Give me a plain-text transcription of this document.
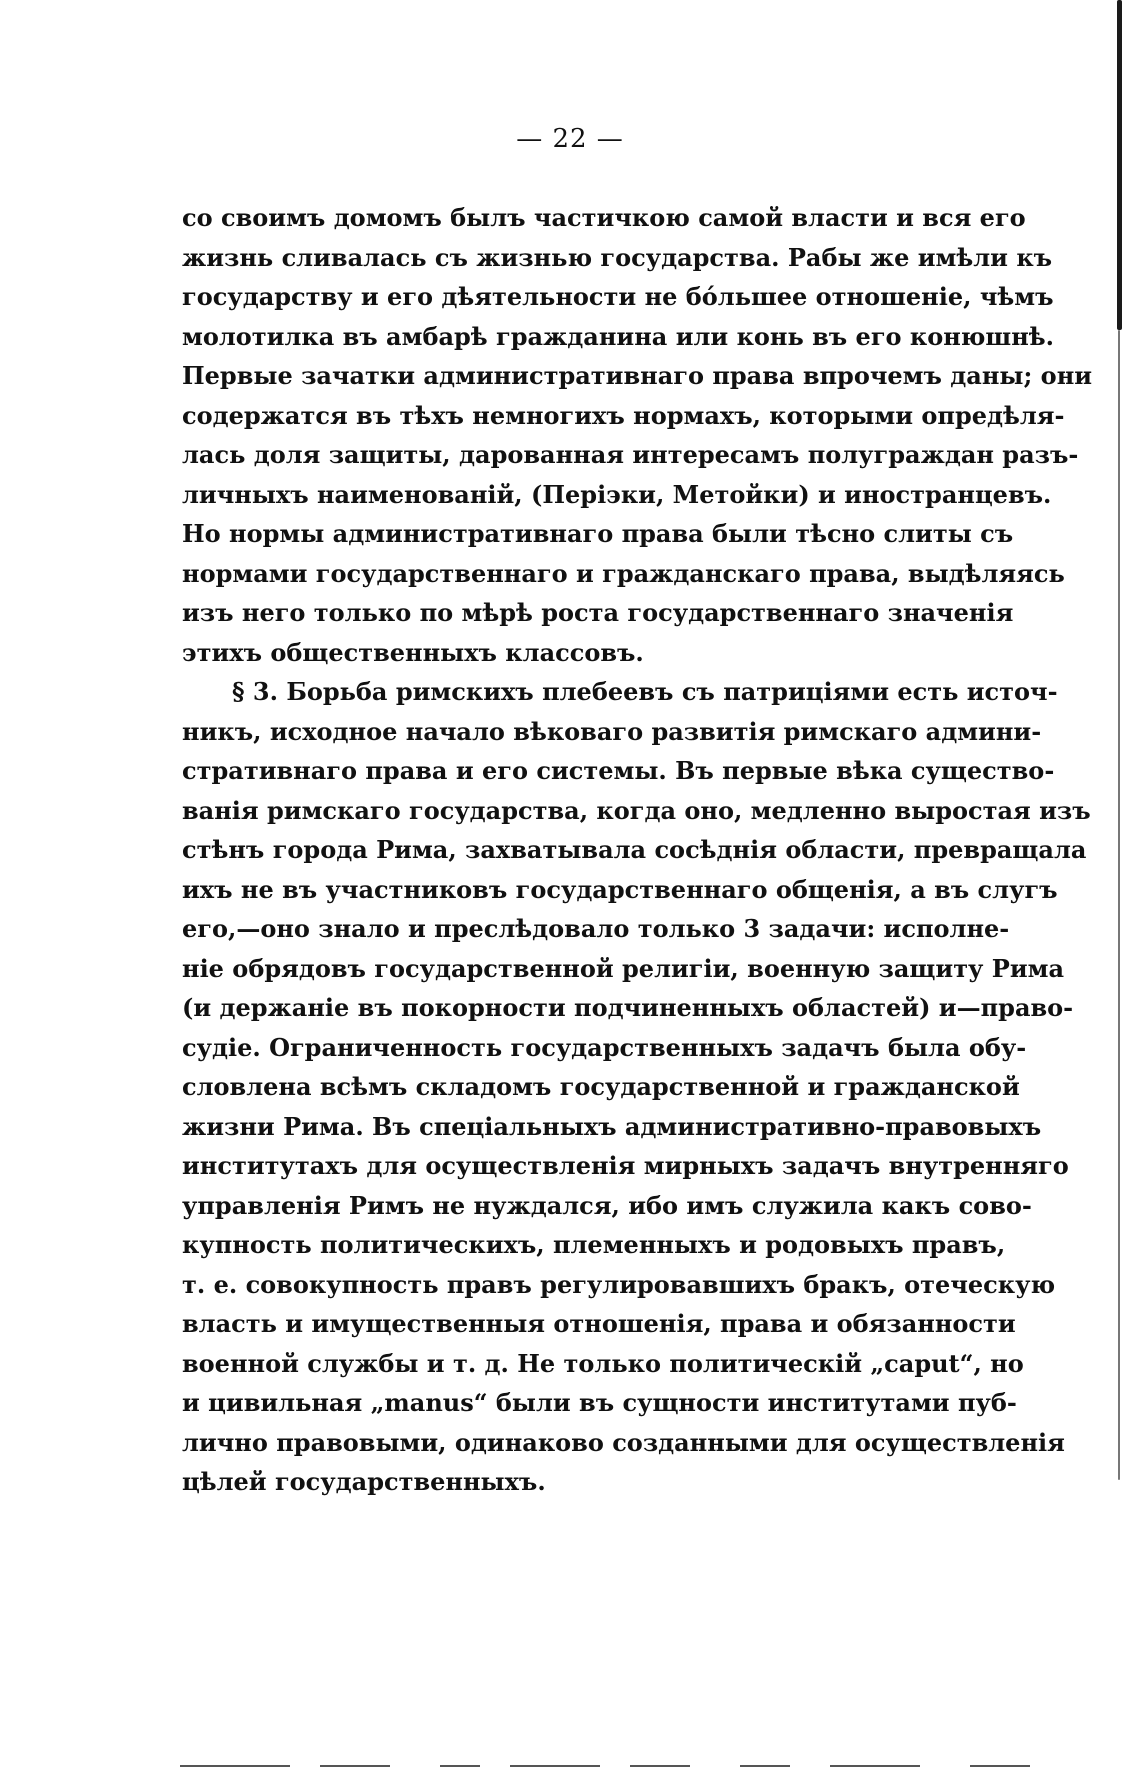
— 22 —
со своимъ домомъ былъ частичкою самой власти и вся его
жизнь сливалась съ жизнью государства. Рабы же имѣли къ
государству и его дѣятельности не бо́льшее отношеніе, чѣмъ
молотилка въ амбарѣ гражданина или конь въ его конюшнѣ.
Первые зачатки административнаго права впрочемъ даны; они
содержатся въ тѣхъ немногихъ нормахъ, которыми опредѣля-
лась доля защиты, дарованная интересамъ полуграждан разъ-
личныхъ наименованій, (Періэки, Метойки) и иностранцевъ.
Но нормы административнаго права были тѣсно слиты съ
нормами государственнаго и гражданскаго права, выдѣляясь
изъ него только по мѣрѣ роста государственнаго значенія
этихъ общественныхъ классовъ.
§ 3. Борьба римскихъ плебеевъ съ патриціями есть источ-
никъ, исходное начало вѣковаго развитія римскаго админи-
стративнаго права и его системы. Въ первые вѣка существо-
ванія римскаго государства, когда оно, медленно выростая изъ
стѣнъ города Рима, захватывала сосѣднія области, превращала
ихъ не въ участниковъ государственнаго общенія, а въ слугъ
его,—оно знало и преслѣдовало только 3 задачи: исполне-
ніе обрядовъ государственной религіи, военную защиту Рима
(и держаніе въ покорности подчиненныхъ областей) и—право-
судіе. Ограниченность государственныхъ задачъ была обу-
словлена всѣмъ складомъ государственной и гражданской
жизни Рима. Въ спеціальныхъ административно-правовыхъ
институтахъ для осуществленія мирныхъ задачъ внутренняго
управленія Римъ не нуждался, ибо имъ служила какъ сово-
купность политическихъ, племенныхъ и родовыхъ правъ,
т. е. совокупность правъ регулировавшихъ бракъ, отеческую
власть и имущественныя отношенія, права и обязанности
военной службы и т. д. Не только политическій „caput“, но
и цивильная „manus“ были въ сущности институтами пуб-
лично правовыми, одинаково созданными для осуществленія
цѣлей государственныхъ.
